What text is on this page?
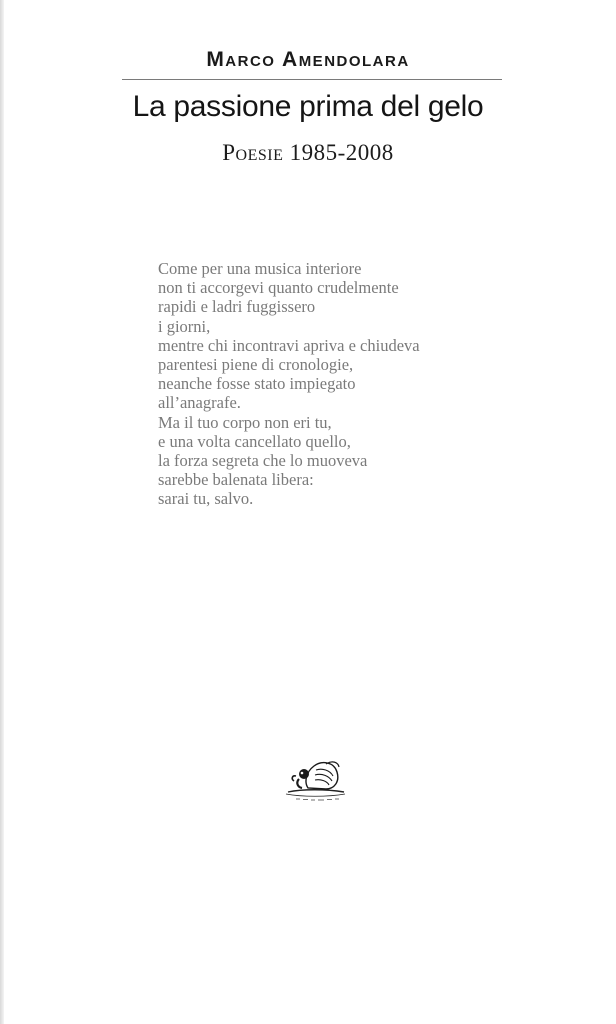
Marco Amendolara
La passione prima del gelo
Poesie 1985-2008
Come per una musica interiore
non ti accorgevi quanto crudelmente
rapidi e ladri fuggissero
i giorni,
mentre chi incontravi apriva e chiudeva
parentesi piene di cronologie,
neanche fosse stato impiegato
all’anagrafe.
Ma il tuo corpo non eri tu,
e una volta cancellato quello,
la forza segreta che lo muoveva
sarebbe balenata libera:
sarai tu, salvo.
